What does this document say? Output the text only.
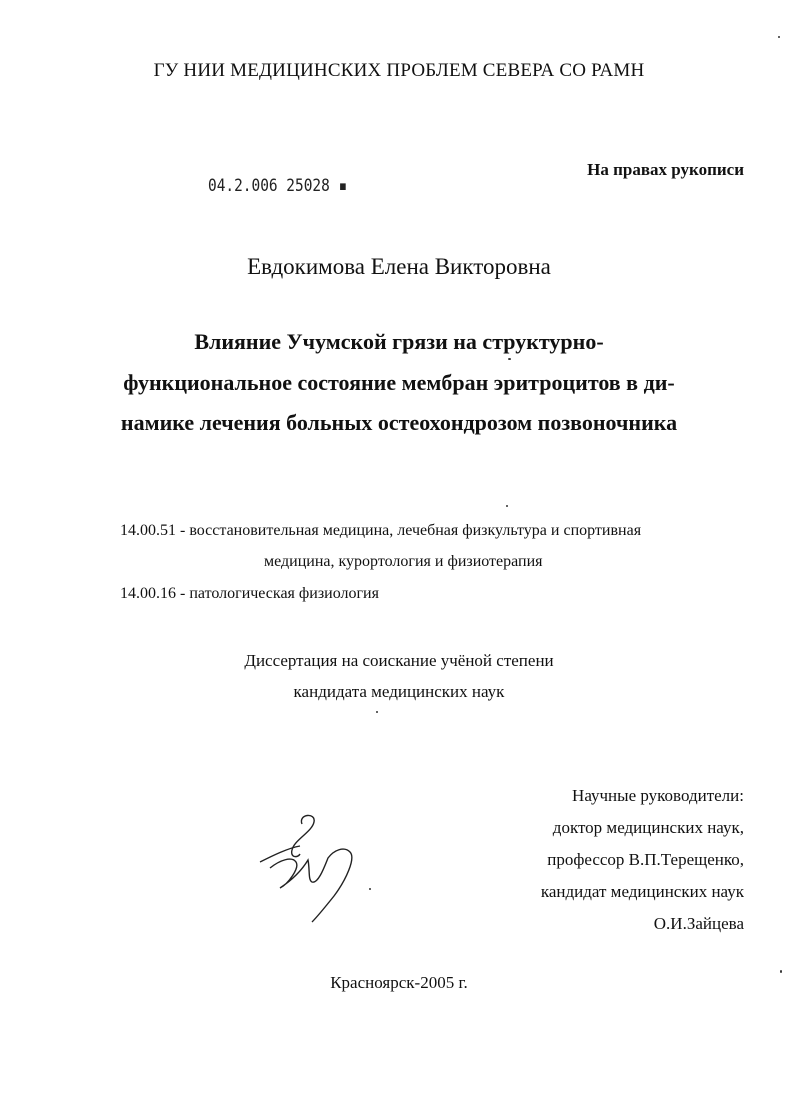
ГУ НИИ МЕДИЦИНСКИХ ПРОБЛЕМ СЕВЕРА СО РАМН
На правах рукописи
04.2.006 25028 ▪
Евдокимова Елена Викторовна
Влияние Учумской грязи на структурно-
функциональное состояние мембран эритроцитов в ди-
намике лечения больных остеохондрозом позвоночника
14.00.51 - восстановительная медицина, лечебная физкультура и спортивная
медицина, курортология и физиотерапия
14.00.16 - патологическая физиология
Диссертация на соискание учёной степени
кандидата медицинских наук
Научные руководители:
доктор медицинских наук,
профессор В.П.Терещенко,
кандидат медицинских наук
О.И.Зайцева
Красноярск-2005 г.
